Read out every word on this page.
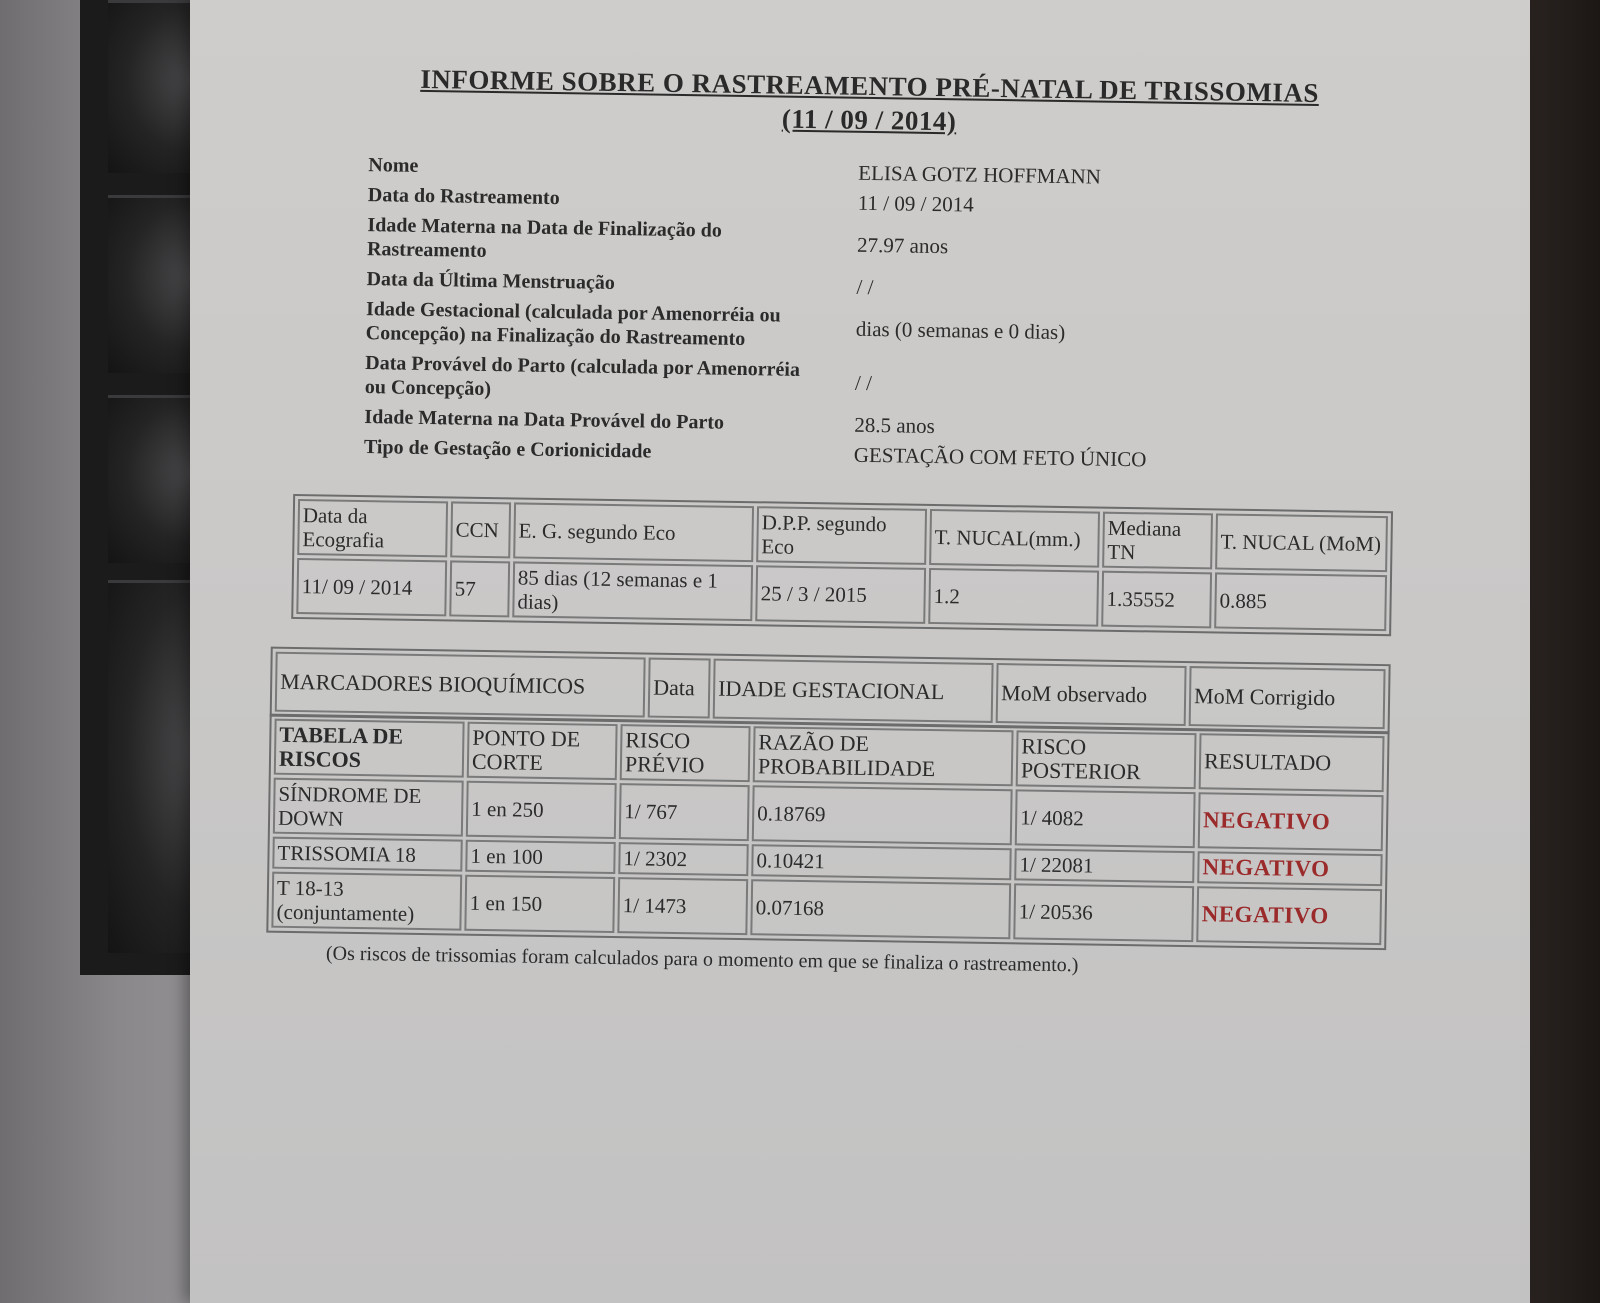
INFORME SOBRE O RASTREAMENTO PRÉ-NATAL DE TRISSOMIAS
(11 / 09 / 2014)
Nome	ELISA GOTZ HOFFMANN
Data do Rastreamento	11 / 09 / 2014
Idade Materna na Data de Finalização do Rastreamento	27.97 anos
Data da Última Menstruação	/ /
Idade Gestacional (calculada por Amenorréia ou Concepção) na Finalização do Rastreamento	dias (0 semanas e 0 dias)
Data Provável do Parto (calculada por Amenorréia ou Concepção)	/ /
Idade Materna na Data Provável do Parto	28.5 anos
Tipo de Gestação e Corionicidade	GESTAÇÃO COM FETO ÚNICO
Data da Ecografia	CCN	E. G. segundo Eco	D.P.P. segundo Eco	T. NUCAL(mm.)	Mediana TN	T. NUCAL (MoM)
11/ 09 / 2014	57	85 dias (12 semanas e 1 dias)	25 / 3 / 2015	1.2	1.35552	0.885
MARCADORES BIOQUÍMICOS	Data	IDADE GESTACIONAL	MoM observado	MoM Corrigido
TABELA DE RISCOS	PONTO DE CORTE	RISCO PRÉVIO	RAZÃO DE PROBABILIDADE	RISCO POSTERIOR	RESULTADO
SÍNDROME DE DOWN	1 en 250	1/ 767	0.18769	1/ 4082	NEGATIVO
TRISSOMIA 18	1 en 100	1/ 2302	0.10421	1/ 22081	NEGATIVO
T 18-13 (conjuntamente)	1 en 150	1/ 1473	0.07168	1/ 20536	NEGATIVO
(Os riscos de trissomias foram calculados para o momento em que se finaliza o rastreamento.)
